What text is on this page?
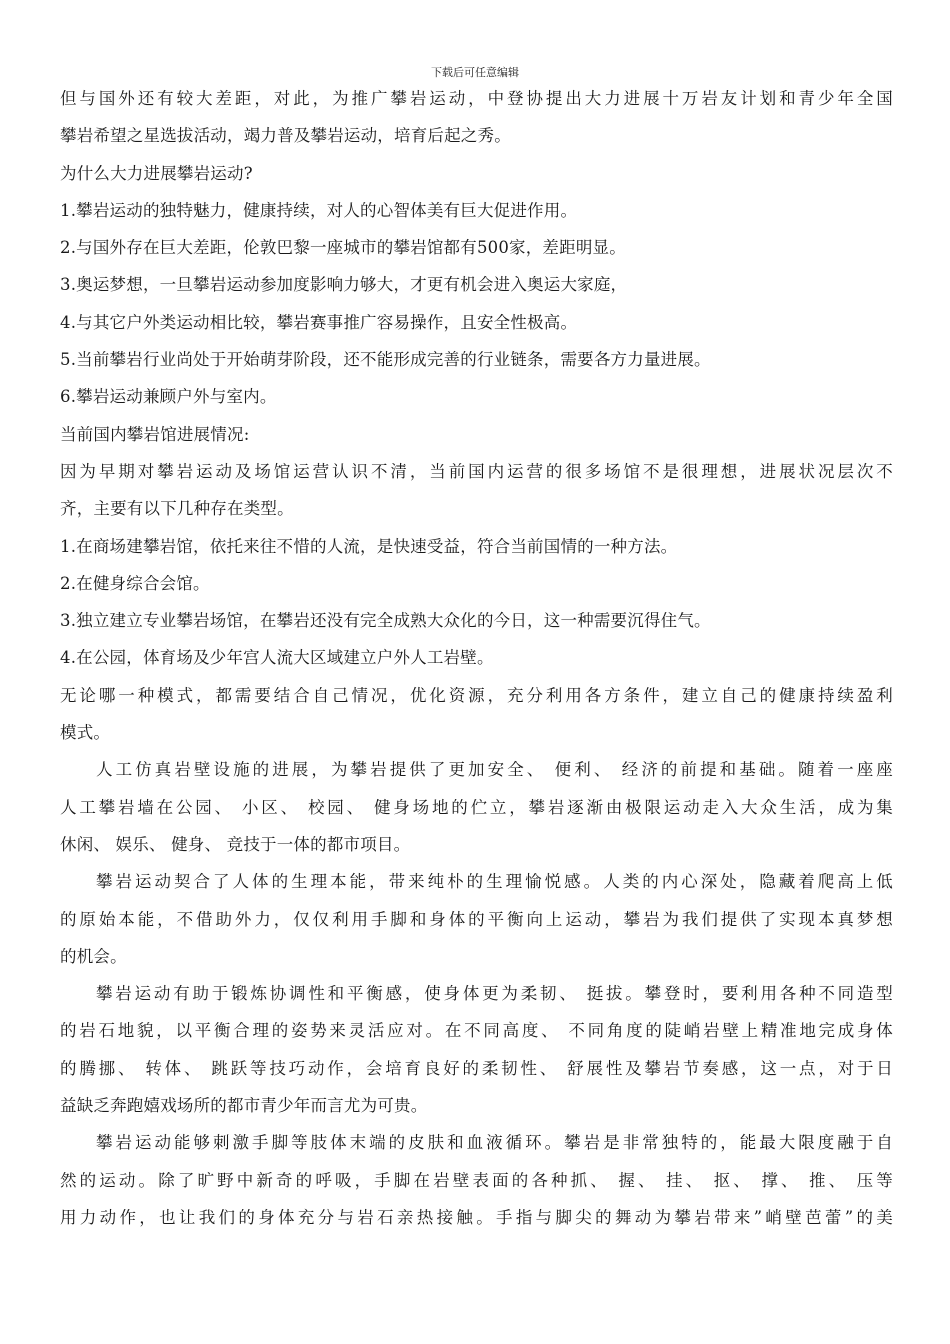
下载后可任意编辑
但与国外还有较大差距，对此，为推广攀岩运动，中登协提出大力进展十万岩友计划和青少年全国
攀岩希望之星选拔活动，竭力普及攀岩运动，培育后起之秀。
为什么大力进展攀岩运动?
1.攀岩运动的独特魅力，健康持续，对人的心智体美有巨大促进作用。
2.与国外存在巨大差距，伦敦巴黎一座城市的攀岩馆都有500家，差距明显。
3.奥运梦想，一旦攀岩运动参加度影响力够大，才更有机会进入奥运大家庭，
4.与其它户外类运动相比较，攀岩赛事推广容易操作，且安全性极高。
5.当前攀岩行业尚处于开始萌芽阶段，还不能形成完善的行业链条，需要各方力量进展。
6.攀岩运动兼顾户外与室内。
当前国内攀岩馆进展情况:
因为早期对攀岩运动及场馆运营认识不清，当前国内运营的很多场馆不是很理想，进展状况层次不
齐，主要有以下几种存在类型。
1.在商场建攀岩馆，依托来往不惜的人流，是快速受益，符合当前国情的一种方法。
2.在健身综合会馆。
3.独立建立专业攀岩场馆，在攀岩还没有完全成熟大众化的今日，这一种需要沉得住气。
4.在公园，体育场及少年宫人流大区域建立户外人工岩壁。
无论哪一种模式，都需要结合自己情况，优化资源，充分利用各方条件，建立自己的健康持续盈利
模式。
人工仿真岩壁设施的进展，为攀岩提供了更加安全、 便利、 经济的前提和基础。随着一座座
人工攀岩墙在公园、 小区、 校园、 健身场地的伫立，攀岩逐渐由极限运动走入大众生活，成为集
休闲、 娱乐、 健身、 竞技于一体的都市项目。
攀岩运动契合了人体的生理本能，带来纯朴的生理愉悦感。人类的内心深处，隐藏着爬高上低
的原始本能，不借助外力，仅仅利用手脚和身体的平衡向上运动，攀岩为我们提供了实现本真梦想
的机会。
攀岩运动有助于锻炼协调性和平衡感，使身体更为柔韧、 挺拔。攀登时，要利用各种不同造型
的岩石地貌，以平衡合理的姿势来灵活应对。在不同高度、 不同角度的陡峭岩壁上精准地完成身体
的腾挪、 转体、 跳跃等技巧动作，会培育良好的柔韧性、 舒展性及攀岩节奏感，这一点，对于日
益缺乏奔跑嬉戏场所的都市青少年而言尤为可贵。
攀岩运动能够刺激手脚等肢体末端的皮肤和血液循环。攀岩是非常独特的，能最大限度融于自
然的运动。除了旷野中新奇的呼吸，手脚在岩壁表面的各种抓、 握、 挂、 抠、 撑、 推、 压等
用力动作，也让我们的身体充分与岩石亲热接触。手指与脚尖的舞动为攀岩带来”峭壁芭蕾”的美
